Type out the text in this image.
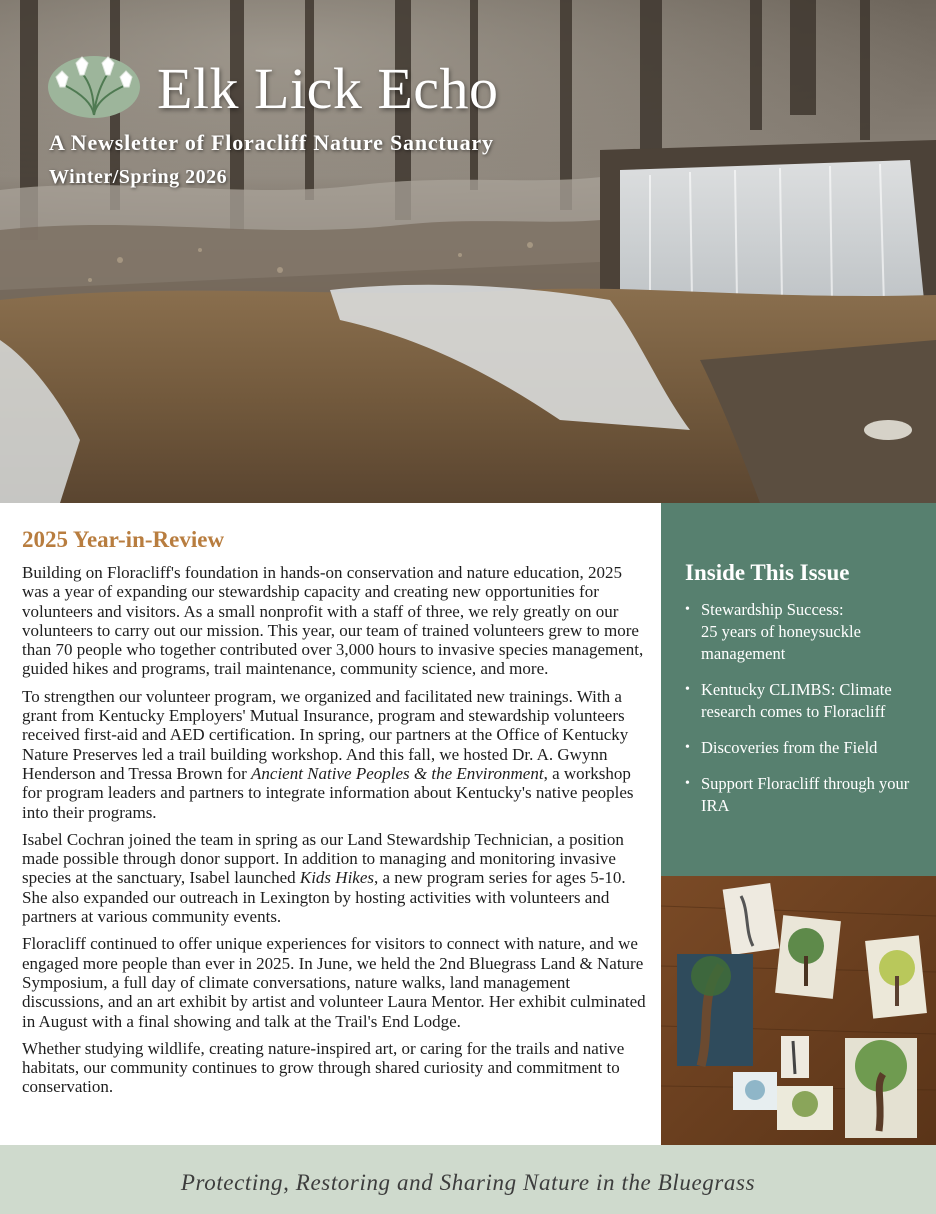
Elk Lick Echo

A Newsletter of Floracliff Nature Sanctuary

Winter/Spring 2026

2025 Year-in-Review

Building on Floracliff's foundation in hands-on conservation and nature education, 2025 was a year of expanding our stewardship capacity and creating new opportunities for volunteers and visitors. As a small nonprofit with a staff of three, we rely greatly on our volunteers to carry out our mission. This year, our team of trained volunteers grew to more than 70 people who together contributed over 3,000 hours to invasive species management, guided hikes and programs, trail maintenance, community science, and more.

To strengthen our volunteer program, we organized and facilitated new trainings. With a grant from Kentucky Employers' Mutual Insurance, program and stewardship volunteers received first-aid and AED certification. In spring, our partners at the Office of Kentucky Nature Preserves led a trail building workshop. And this fall, we hosted Dr. A. Gwynn Henderson and Tressa Brown for Ancient Native Peoples & the Environment, a workshop for program leaders and partners to integrate information about Kentucky's native peoples into their programs.

Isabel Cochran joined the team in spring as our Land Stewardship Technician, a position made possible through donor support. In addition to managing and monitoring invasive species at the sanctuary, Isabel launched Kids Hikes, a new program series for ages 5-10. She also expanded our outreach in Lexington by hosting activities with volunteers and partners at various community events.

Floracliff continued to offer unique experiences for visitors to connect with nature, and we engaged more people than ever in 2025. In June, we held the 2nd Bluegrass Land & Nature Symposium, a full day of climate conversations, nature walks, land management discussions, and an art exhibit by artist and volunteer Laura Mentor. Her exhibit culminated in August with a final showing and talk at the Trail's End Lodge.

Whether studying wildlife, creating nature-inspired art, or caring for the trails and native habitats, our community continues to grow through shared curiosity and commitment to conservation.

Inside This Issue
• Stewardship Success:
25 years of honeysuckle management
• Kentucky CLIMBS: Climate research comes to Floracliff
• Discoveries from the Field
• Support Floracliff through your IRA

Protecting, Restoring and Sharing Nature in the Bluegrass
